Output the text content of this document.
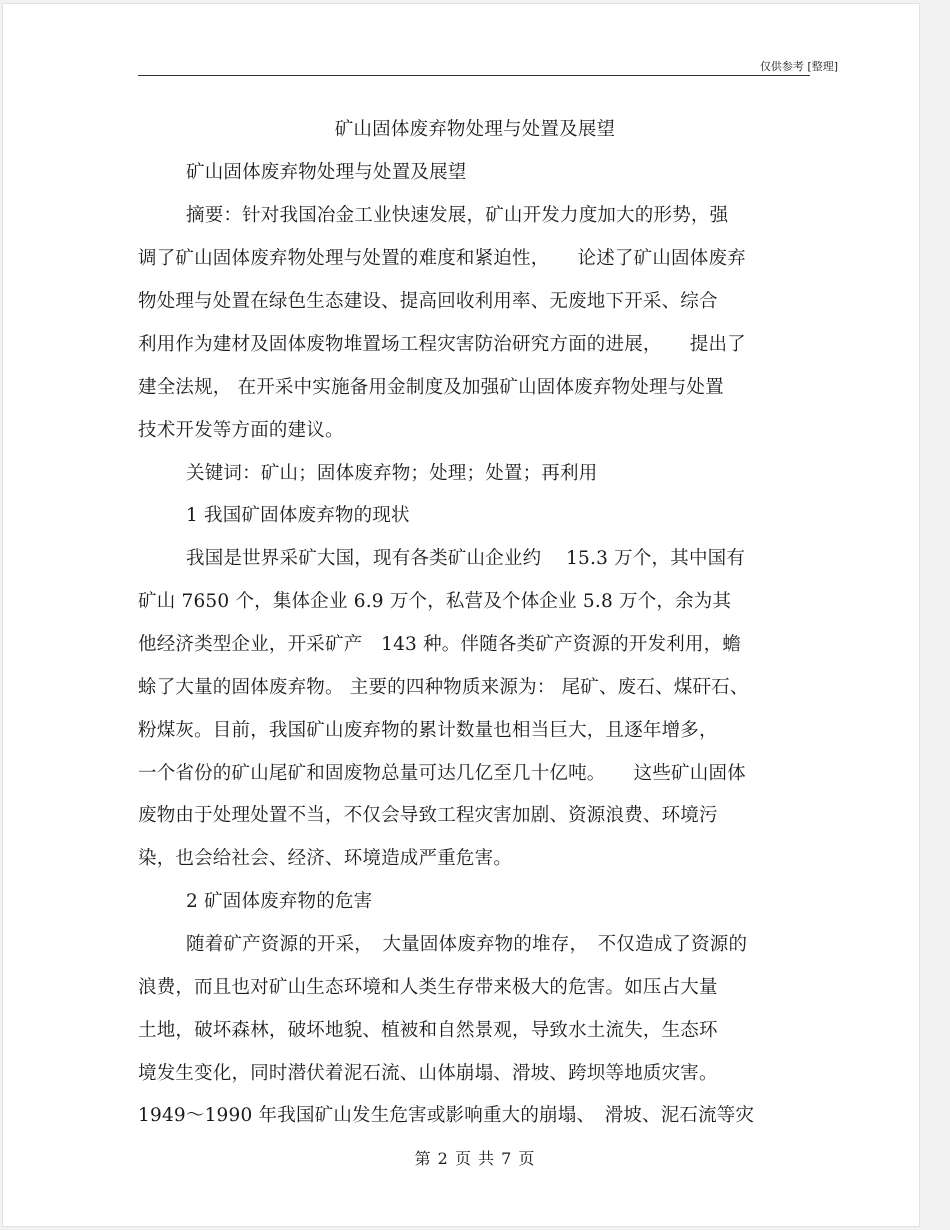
仅供参考 [整理]
矿山固体废弃物处理与处置及展望
矿山固体废弃物处理与处置及展望
摘要：针对我国冶金工业快速发展，矿山开发力度加大的形势，强
调了矿山固体废弃物处理与处置的难度和紧迫性，　　论述了矿山固体废弃
物处理与处置在绿色生态建设、提高回收利用率、无废地下开采、综合
利用作为建材及固体废物堆置场工程灾害防治研究方面的进展，　　提出了
建全法规， 在开采中实施备用金制度及加强矿山固体废弃物处理与处置
技术开发等方面的建议。
关键词：矿山；固体废弃物；处理；处置；再利用
1 我国矿固体废弃物的现状
我国是世界采矿大国，现有各类矿山企业约　 15.3 万个，其中国有
矿山 7650 个，集体企业 6.9 万个，私营及个体企业 5.8 万个，余为其
他经济类型企业，开采矿产　143 种。伴随各类矿产资源的开发利用，蟾
蜍了大量的固体废弃物。 主要的四种物质来源为： 尾矿、废石、煤矸石、
粉煤灰。目前，我国矿山废弃物的累计数量也相当巨大，且逐年增多，
一个省份的矿山尾矿和固废物总量可达几亿至几十亿吨。　　这些矿山固体
废物由于处理处置不当，不仅会导致工程灾害加剧、资源浪费、环境污
染，也会给社会、经济、环境造成严重危害。
2 矿固体废弃物的危害
随着矿产资源的开采，　大量固体废弃物的堆存，　不仅造成了资源的
浪费，而且也对矿山生态环境和人类生存带来极大的危害。如压占大量
土地，破坏森林，破坏地貌、植被和自然景观，导致水土流失，生态环
境发生变化，同时潜伏着泥石流、山体崩塌、滑坡、跨坝等地质灾害。
1949～1990 年我国矿山发生危害或影响重大的崩塌、　滑坡、泥石流等灾
第 2 页 共 7 页
